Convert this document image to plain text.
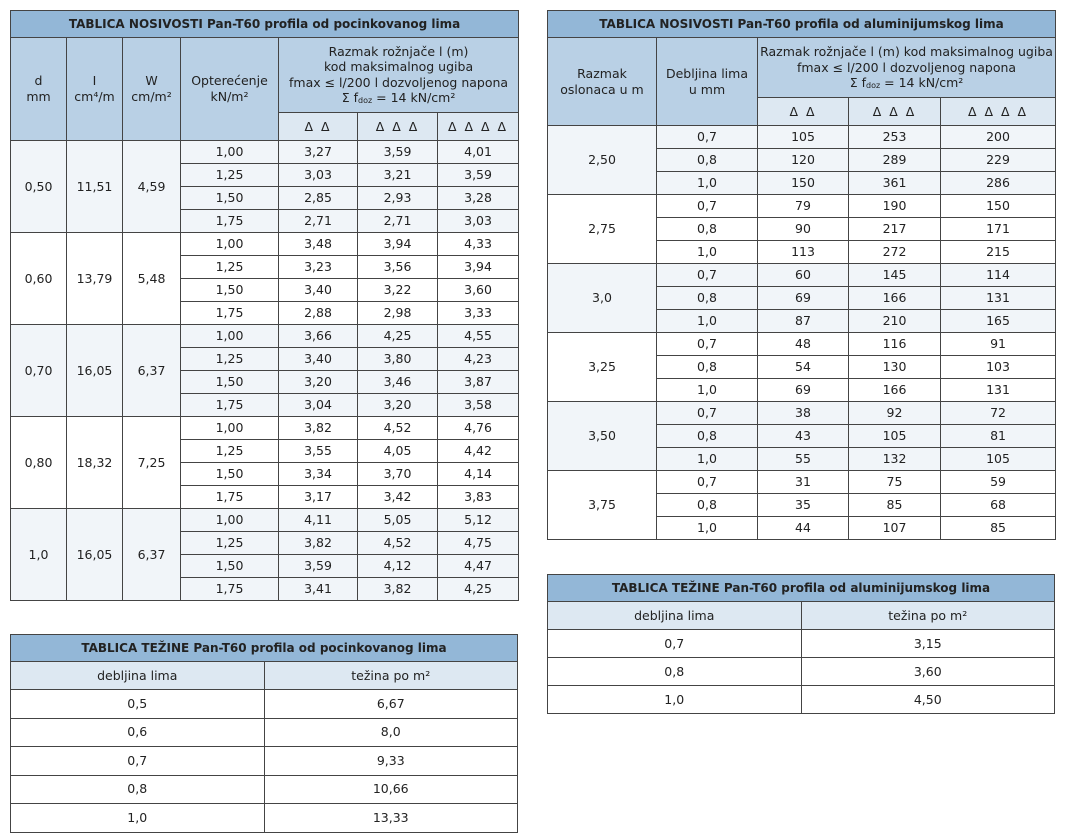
TABLICA NOSIVOSTI Pan-T60 profila od pocinkovanog lima						
d
mm	I
cm⁴/m	W
cm/m²	Opterećenje
kN/m²	Razmak rožnjače l (m)
kod maksimalnog ugiba
fmax ≤ l/200 l dozvoljenog napona
Σ $f_{doz} = 14$ kN/cm²		
				Δ Δ	Δ Δ Δ	Δ Δ Δ Δ
0,50	11,51	4,59	1,00	3,27	3,59	4,01
			1,25	3,03	3,21	3,59
			1,50	2,85	2,93	3,28
			1,75	2,71	2,71	3,03
0,60	13,79	5,48	1,00	3,48	3,94	4,33
			1,25	3,23	3,56	3,94
			1,50	3,40	3,22	3,60
			1,75	2,88	2,98	3,33
0,70	16,05	6,37	1,00	3,66	4,25	4,55
			1,25	3,40	3,80	4,23
			1,50	3,20	3,46	3,87
			1,75	3,04	3,20	3,58
0,80	18,32	7,25	1,00	3,82	4,52	4,76
			1,25	3,55	4,05	4,42
			1,50	3,34	3,70	4,14
			1,75	3,17	3,42	3,83
1,0	16,05	6,37	1,00	4,11	5,05	5,12
			1,25	3,82	4,52	4,75
			1,50	3,59	4,12	4,47
			1,75	3,41	3,82	4,25
TABLICA NOSIVOSTI Pan-T60 profila od aluminijumskog lima				
Razmak
oslonaca u m	Debljina lima
u mm	Razmak rožnjače l (m) kod maksimalnog ugiba
fmax ≤ l/200 l dozvoljenog napona
Σ $f_{doz} = 14$ kN/cm²		
		Δ Δ	Δ Δ Δ	Δ Δ Δ Δ
2,50	0,7	105	253	200
	0,8	120	289	229
	1,0	150	361	286
2,75	0,7	79	190	150
	0,8	90	217	171
	1,0	113	272	215
3,0	0,7	60	145	114
	0,8	69	166	131
	1,0	87	210	165
3,25	0,7	48	116	91
	0,8	54	130	103
	1,0	69	166	131
3,50	0,7	38	92	72
	0,8	43	105	81
	1,0	55	132	105
3,75	0,7	31	75	59
	0,8	35	85	68
	1,0	44	107	85
TABLICA TEŽINE Pan-T60 profila od pocinkovanog lima	
debljina lima	težina po m²
0,5	6,67
0,6	8,0
0,7	9,33
0,8	10,66
1,0	13,33
TABLICA TEŽINE Pan-T60 profila od aluminijumskog lima	
debljina lima	težina po m²
0,7	3,15
0,8	3,60
1,0	4,50
